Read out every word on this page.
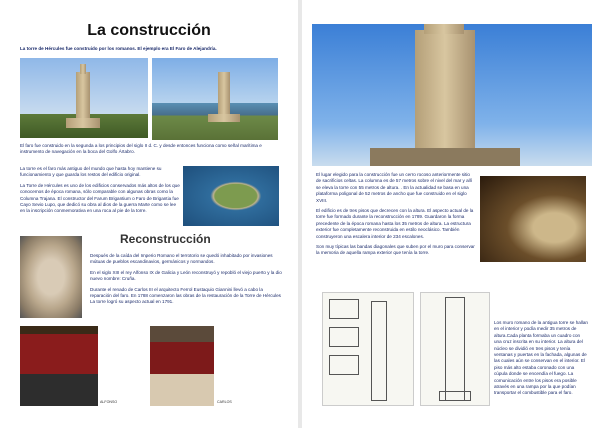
La construcción
La torre de Hércules fue construido por los romanos. El ejemplo era El Faro de Alejandría.
El faro fue construido en la segunda a los principios del siglo II d. C. y desde entonces funciona como señal marítima e instrumento de navegación en la boca del Golfo Ártabro.

La torre es el faro más antiguo del mundo que hasta hoy mantiene su funcionamiento y que guarda los restos del edificio original.

La Torre de Hércules es uno de los edificios conservados más altos de los que conocemos de época romana, sólo comparable con algunas obras como la Columna Trajana. El constructor del Farum Brigantium o Faro de Brigantia fue Cayo Sevio Lupo, que dedicó su obra al dios de la guerra Marte como se lee en la inscripción conmemorativa en una roca al pie de la torre.

Reconstrucción

Después de la caída del Imperio Romano el terrotorio se quedó inhabitado por invasiones mútuas de pueblos escandinavios, germánicos y normandos.

En el siglo XIII el rey Alfonso IX de Galicia y León reconstruyó y repobló el viejo puerto y la dio nuevo nombre: Cruña.

Durante el renado de Carlos III el arquitecto Ferrol Eustaquio Giannini llevó a cabo la reparación del faro. En 1788 comenzaron las obras de la restauración de la Torre de Hércules La torre logró su aspecto actual en 1791.

ALFONSO	CARLOS

El lugar elegido para la construcción fue un cerro rocoso anteriormente sitio de sacrificios celtas. La columna es de 57 metros sobre el nivel del mar y allí se eleva la torre con 55 metros de altura. . En la actualidad se basa en una plataforma poligonal de 52 metros de ancho que fue construido en el siglo XVIII.

El edificio es de tres pisos que decrecen con la altura. El aspecto actual de la torre fue formado durante la reconstrucción en 1789. Guardaron la forma precedente de la época romana hasta los 35 metros de altura. La estructura exterior fue completamente reconstruida en estilo neoclásico. También construyeron una escalera interior de 234 escalones.

Son muy típicas las bandas diagonales que suben por el muro para conservar la memoria de aquella rampa exterior que tenía la torre.

Los muro romano de la antigua torre se hallan en el interior y podía medir 35 metros de altura.Cada planta formaba un cuadro con una cruz inscrita en su interior. La altura del núcleo se dividió en tres pisos y tenía ventanas y puertas en la fachada, algunas de las cuales aún se conservan en el interior. El piso más alto estaba coronado con una cúpula donde se encendía el fuego. La comunicación entre los pisos era posible através en una rampa por la que podían transportar el combustible para el faro.
